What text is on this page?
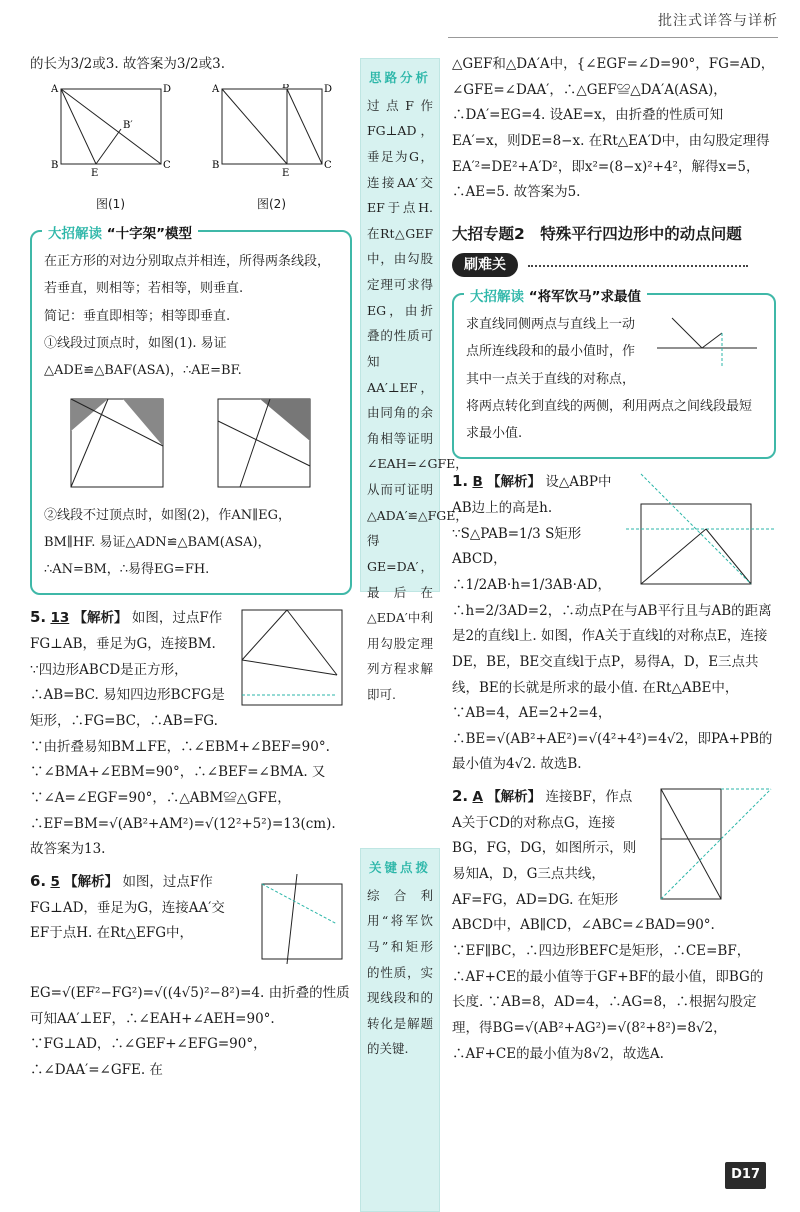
批注式详答与详析
的长为3/2或3. 故答案为3/2或3.
A	D
B	C
E
B′
图(1)
A	D
B′
B	C
E
图(2)
大招解读 “十字架”模型
在正方形的对边分别取点并相连，所得两条线段，若垂直，则相等；若相等，则垂直.
简记：垂直即相等；相等即垂直.
①线段过顶点时，如图(1). 易证△ADE≌△BAF(ASA)，∴AE=BF.
②线段不过顶点时，如图(2)，作AN∥EG，BM∥HF. 易证△ADN≌△BAM(ASA)，∴AN=BM，∴易得EG=FH.
5. 13 【解析】 如图，过点F作FG⊥AB，垂足为G，连接BM. ∵四边形ABCD是正方形，∴AB=BC. 易知四边形BCFG是矩形，∴FG=BC，∴AB=FG. ∵由折叠易知BM⊥FE，∴∠EBM+∠BEF=90°. ∵∠BMA+∠EBM=90°，∴∠BEF=∠BMA. 又∵∠A=∠EGF=90°，∴△ABM≌△GFE，∴EF=BM=√(AB²+AM²)=√(12²+5²)=13(cm). 故答案为13.
6. 5 【解析】 如图，过点F作FG⊥AD，垂足为G，连接AA′交EF于点H. 在Rt△EFG中，EG=√(EF²−FG²)=√((4√5)²−8²)=4. 由折叠的性质可知AA′⊥EF，∴∠EAH+∠AEH=90°. ∵FG⊥AD，∴∠GEF+∠EFG=90°，∴∠DAA′=∠GFE. 在
思路分析
过点F作FG⊥AD，垂足为G，连接AA′交EF于点H. 在Rt△GEF中，由勾股定理可求得EG，由折叠的性质可知AA′⊥EF，由同角的余角相等证明∠EAH=∠GFE，从而可证明△ADA′≌△FGE，得GE=DA′，最后在△EDA′中利用勾股定理列方程求解即可.
关键点拨
综合利用“将军饮马”和矩形的性质，实现线段和的转化是解题的关键.
△GEF和△DA′A中，{∠EGF=∠D=90°，FG=AD，∠GFE=∠DAA′，∴△GEF≌△DA′A(ASA)，∴DA′=EG=4. 设AE=x，由折叠的性质可知EA′=x，则DE=8−x. 在Rt△EA′D中，由勾股定理得EA′²=DE²+A′D²，即x²=(8−x)²+4²，解得x=5，∴AE=5. 故答案为5.
大招专题2　特殊平行四边形中的动点问题
刷难关
大招解读 “将军饮马”求最值
求直线同侧两点与直线上一动点所连线段和的最小值时，作其中一点关于直线的对称点，将两点转化到直线的两侧，利用两点之间线段最短求最小值.
1. B 【解析】 设△ABP中AB边上的高是h. ∵S△PAB=1/3 S矩形ABCD，∴1/2AB·h=1/3AB·AD，∴h=2/3AD=2，∴动点P在与AB平行且与AB的距离是2的直线l上. 如图，作A关于直线l的对称点E，连接DE，BE，BE交直线l于点P，易得A，D，E三点共线，BE的长就是所求的最小值. 在Rt△ABE中，∵AB=4，AE=2+2=4，∴BE=√(AB²+AE²)=√(4²+4²)=4√2，即PA+PB的最小值为4√2. 故选B.
2. A 【解析】 连接BF，作点A关于CD的对称点G，连接BG，FG，DG，如图所示，则易知A，D，G三点共线，AF=FG，AD=DG. 在矩形ABCD中，AB∥CD，∠ABC=∠BAD=90°. ∵EF∥BC，∴四边形BEFC是矩形，∴CE=BF，∴AF+CE的最小值等于GF+BF的最小值，即BG的长度. ∵AB=8，AD=4，∴AG=8，∴根据勾股定理，得BG=√(AB²+AG²)=√(8²+8²)=8√2，∴AF+CE的最小值为8√2，故选A.
D17
